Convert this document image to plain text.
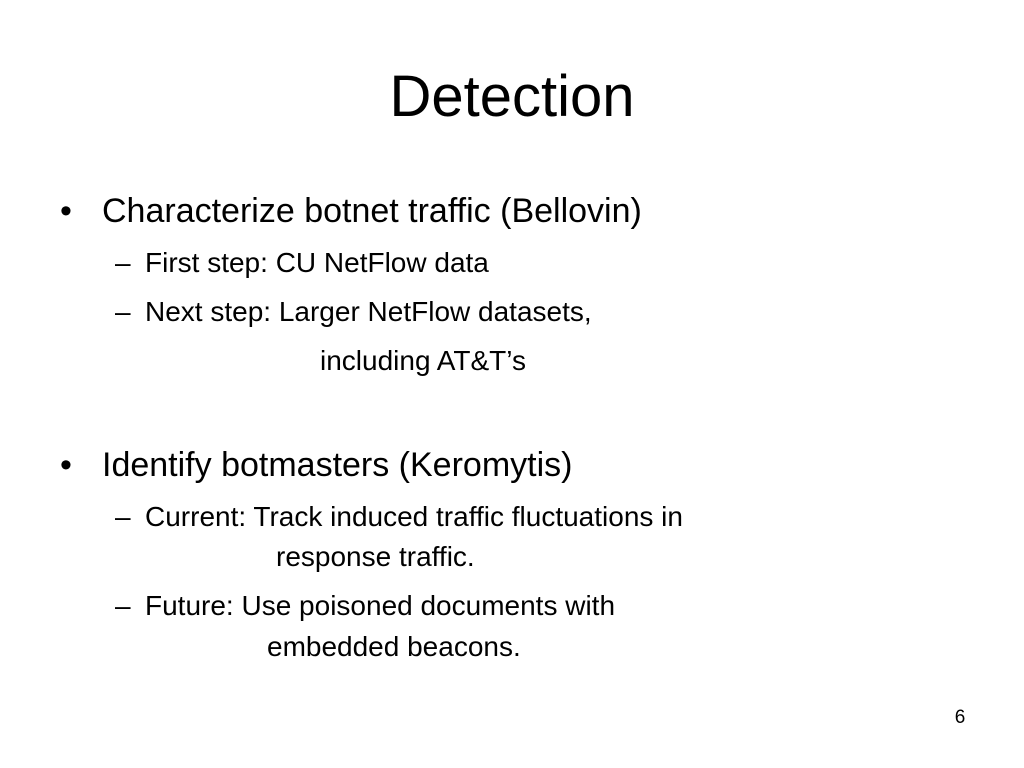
Detection
• Characterize botnet traffic (Bellovin)
– First step: CU NetFlow data
– Next step: Larger NetFlow datasets,
including AT&T’s
• Identify botmasters (Keromytis)
– Current: Track induced traffic fluctuations in
response traffic.
– Future: Use poisoned documents with
embedded beacons.
6
